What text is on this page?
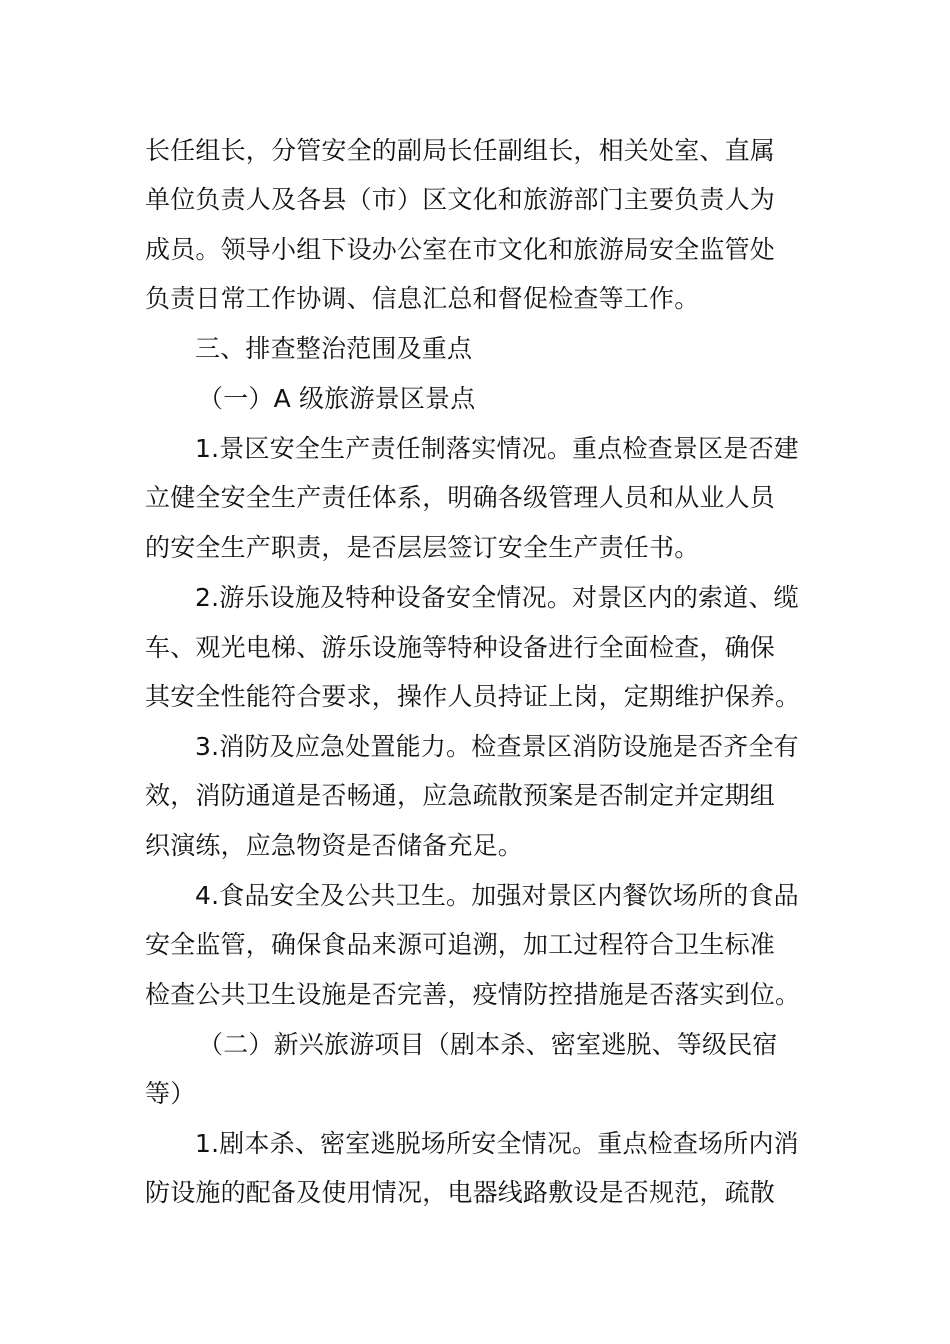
长任组长，分管安全的副局长任副组长，相关处室、直属
单位负责人及各县（市）区文化和旅游部门主要负责人为
成员。领导小组下设办公室在市文化和旅游局安全监管处
负责日常工作协调、信息汇总和督促检查等工作。
三、排查整治范围及重点
（一）A 级旅游景区景点
1.景区安全生产责任制落实情况。重点检查景区是否建
立健全安全生产责任体系，明确各级管理人员和从业人员
的安全生产职责，是否层层签订安全生产责任书。
2.游乐设施及特种设备安全情况。对景区内的索道、缆
车、观光电梯、游乐设施等特种设备进行全面检查，确保
其安全性能符合要求，操作人员持证上岗，定期维护保养。
3.消防及应急处置能力。检查景区消防设施是否齐全有
效，消防通道是否畅通，应急疏散预案是否制定并定期组
织演练，应急物资是否储备充足。
4.食品安全及公共卫生。加强对景区内餐饮场所的食品
安全监管，确保食品来源可追溯，加工过程符合卫生标准
检查公共卫生设施是否完善，疫情防控措施是否落实到位。
（二）新兴旅游项目（剧本杀、密室逃脱、等级民宿
等）
1.剧本杀、密室逃脱场所安全情况。重点检查场所内消
防设施的配备及使用情况，电器线路敷设是否规范，疏散
